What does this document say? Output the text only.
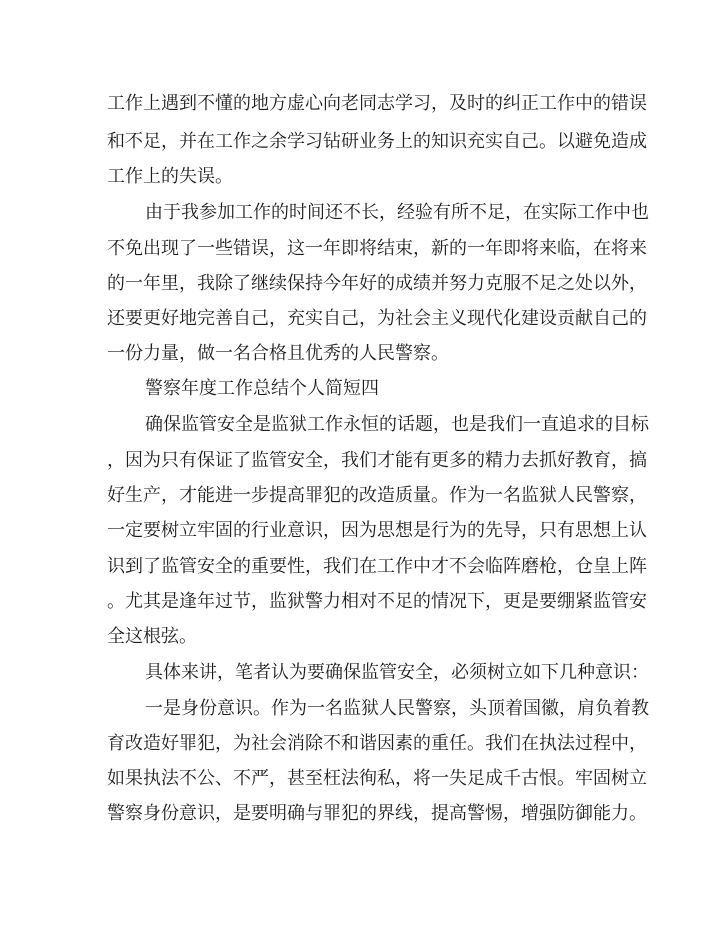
工作上遇到不懂的地方虚心向老同志学习，及时的纠正工作中的错误
和不足，并在工作之余学习钻研业务上的知识充实自己。以避免造成
工作上的失误。
由于我参加工作的时间还不长，经验有所不足，在实际工作中也
不免出现了一些错误，这一年即将结束，新的一年即将来临，在将来
的一年里，我除了继续保持今年好的成绩并努力克服不足之处以外，
还要更好地完善自己，充实自己，为社会主义现代化建设贡献自己的
一份力量，做一名合格且优秀的人民警察。
警察年度工作总结个人简短四
确保监管安全是监狱工作永恒的话题，也是我们一直追求的目标
，因为只有保证了监管安全，我们才能有更多的精力去抓好教育，搞
好生产，才能进一步提高罪犯的改造质量。作为一名监狱人民警察，
一定要树立牢固的行业意识，因为思想是行为的先导，只有思想上认
识到了监管安全的重要性，我们在工作中才不会临阵磨枪，仓皇上阵
。尤其是逢年过节，监狱警力相对不足的情况下，更是要绷紧监管安
全这根弦。
具体来讲，笔者认为要确保监管安全，必须树立如下几种意识：
一是身份意识。作为一名监狱人民警察，头顶着国徽，肩负着教
育改造好罪犯，为社会消除不和谐因素的重任。我们在执法过程中，
如果执法不公、不严，甚至枉法徇私，将一失足成千古恨。牢固树立
警察身份意识，是要明确与罪犯的界线，提高警惕，增强防御能力。
